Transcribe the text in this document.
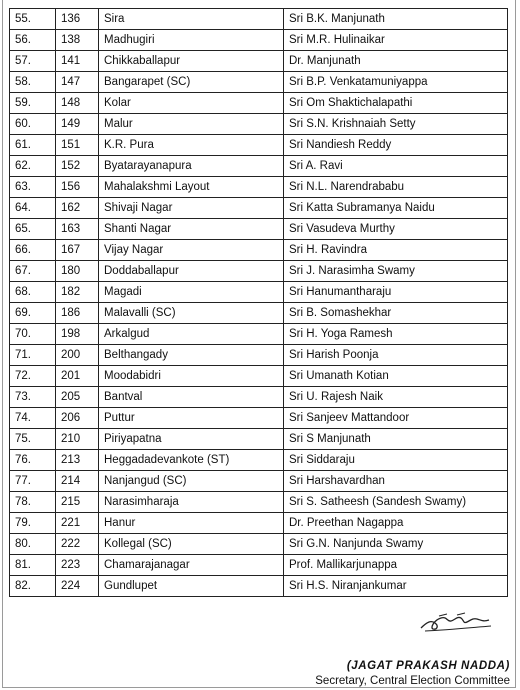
55.	136	Sira	Sri B.K. Manjunath
56.	138	Madhugiri	Sri M.R. Hulinaikar
57.	141	Chikkaballapur	Dr. Manjunath
58.	147	Bangarapet (SC)	Sri B.P. Venkatamuniyappa
59.	148	Kolar	Sri Om Shaktichalapathi
60.	149	Malur	Sri S.N. Krishnaiah Setty
61.	151	K.R. Pura	Sri Nandiesh Reddy
62.	152	Byatarayanapura	Sri A. Ravi
63.	156	Mahalakshmi Layout	Sri N.L. Narendrababu
64.	162	Shivaji Nagar	Sri Katta Subramanya Naidu
65.	163	Shanti Nagar	Sri Vasudeva Murthy
66.	167	Vijay Nagar	Sri H. Ravindra
67.	180	Doddaballapur	Sri J. Narasimha Swamy
68.	182	Magadi	Sri Hanumantharaju
69.	186	Malavalli (SC)	Sri B. Somashekhar
70.	198	Arkalgud	Sri H. Yoga Ramesh
71.	200	Belthangady	Sri Harish Poonja
72.	201	Moodabidri	Sri Umanath Kotian
73.	205	Bantval	Sri U. Rajesh Naik
74.	206	Puttur	Sri Sanjeev Mattandoor
75.	210	Piriyapatna	Sri S Manjunath
76.	213	Heggadadevankote (ST)	Sri Siddaraju
77.	214	Nanjangud (SC)	Sri Harshavardhan
78.	215	Narasimharaja	Sri S. Satheesh (Sandesh Swamy)
79.	221	Hanur	Dr. Preethan Nagappa
80.	222	Kollegal (SC)	Sri G.N. Nanjunda Swamy
81.	223	Chamarajanagar	Prof. Mallikarjunappa
82.	224	Gundlupet	Sri H.S. Niranjankumar
(JAGAT PRAKASH NADDA)
Secretary, Central Election Committee
